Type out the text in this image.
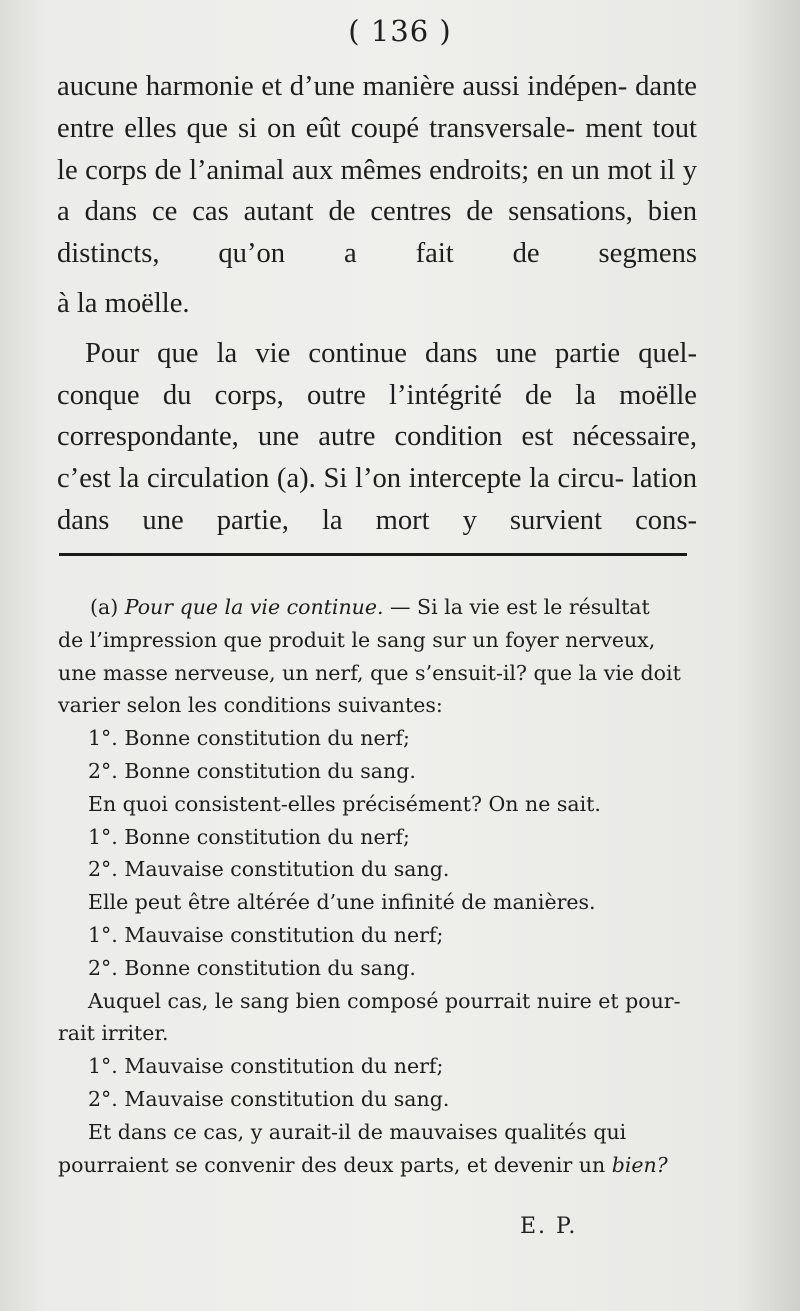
( 136 )

aucune harmonie et d’une manière aussi indépen- dante entre elles que si on eût coupé transversale- ment tout le corps de l’animal aux mêmes endroits; en un mot il y a dans ce cas autant de centres de sensations, bien distincts, qu’on a fait de segmens

à la moëlle.

Pour que la vie continue dans une partie quel- conque du corps, outre l’intégrité de la moëlle correspondante, une autre condition est nécessaire, c’est la circulation (a). Si l’on intercepte la circu- lation dans une partie, la mort y survient cons-

(a) Pour que la vie continue. — Si la vie est le résultat
de l’impression que produit le sang sur un foyer nerveux,
une masse nerveuse, un nerf, que s’ensuit-il? que la vie doit
varier selon les conditions suivantes:
1°. Bonne constitution du nerf;
2°. Bonne constitution du sang.
En quoi consistent-elles précisément? On ne sait.
1°. Bonne constitution du nerf;
2°. Mauvaise constitution du sang.
Elle peut être altérée d’une infinité de manières.
1°. Mauvaise constitution du nerf;
2°. Bonne constitution du sang.
Auquel cas, le sang bien composé pourrait nuire et pour-
rait irriter.
1°. Mauvaise constitution du nerf;
2°. Mauvaise constitution du sang.
Et dans ce cas, y aurait-il de mauvaises qualités qui
pourraient se convenir des deux parts, et devenir un bien?
E. P.
